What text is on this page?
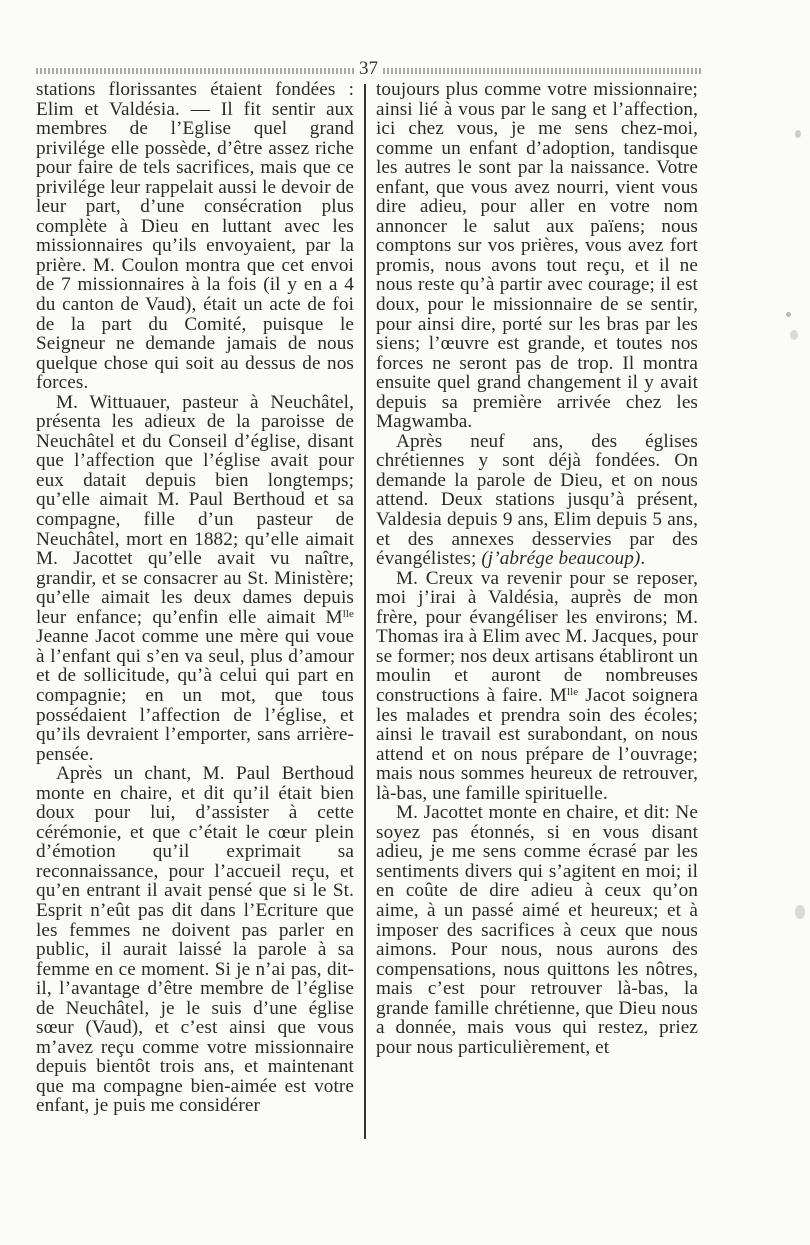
37

stations florissantes étaient fondées : Elim et Valdésia. — Il fit sentir aux membres de l’Eglise quel grand privilége elle possède, d’être assez riche pour faire de tels sacrifices, mais que ce privilége leur rappelait aussi le devoir de leur part, d’une consécration plus complète à Dieu en luttant avec les missionnaires qu’ils envoyaient, par la prière. M. Coulon montra que cet envoi de 7 missionnaires à la fois (il y en a 4 du canton de Vaud), était un acte de foi de la part du Comité, puisque le Seigneur ne demande jamais de nous quelque chose qui soit au dessus de nos forces.

M. Wittuauer, pasteur à Neuchâtel, présenta les adieux de la paroisse de Neuchâtel et du Conseil d’église, disant que l’affection que l’église avait pour eux datait depuis bien longtemps; qu’elle aimait M. Paul Berthoud et sa compagne, fille d’un pasteur de Neuchâtel, mort en 1882; qu’elle aimait M. Jacottet qu’elle avait vu naître, grandir, et se consacrer au St. Ministère; qu’elle aimait les deux dames depuis leur enfance; qu’enfin elle aimait $M^{lle}$ Jeanne Jacot comme une mère qui voue à l’enfant qui s’en va seul, plus d’amour et de sollicitude, qu’à celui qui part en compagnie; en un mot, que tous possédaient l’affection de l’église, et qu’ils devraient l’emporter, sans arrière-pensée.

Après un chant, M. Paul Berthoud monte en chaire, et dit qu’il était bien doux pour lui, d’assister à cette cérémonie, et que c’était le cœur plein d’émotion qu’il exprimait sa reconnaissance, pour l’accueil reçu, et qu’en entrant il avait pensé que si le St. Esprit n’eût pas dit dans l’Ecriture que les femmes ne doivent pas parler en public, il aurait laissé la parole à sa femme en ce moment. Si je n’ai pas, dit-il, l’avantage d’être membre de l’église de Neuchâtel, je le suis d’une église sœur (Vaud), et c’est ainsi que vous m’avez reçu comme votre missionnaire depuis bientôt trois ans, et maintenant que ma compagne bien-aimée est votre enfant, je puis me considérer

toujours plus comme votre missionnaire; ainsi lié à vous par le sang et l’affection, ici chez vous, je me sens chez-moi, comme un enfant d’adoption, tandisque les autres le sont par la naissance. Votre enfant, que vous avez nourri, vient vous dire adieu, pour aller en votre nom annoncer le salut aux païens; nous comptons sur vos prières, vous avez fort promis, nous avons tout reçu, et il ne nous reste qu’à partir avec courage; il est doux, pour le missionnaire de se sentir, pour ainsi dire, porté sur les bras par les siens; l’œuvre est grande, et toutes nos forces ne seront pas de trop. Il montra ensuite quel grand changement il y avait depuis sa première arrivée chez les Magwamba.

Après neuf ans, des églises chrétiennes y sont déjà fondées. On demande la parole de Dieu, et on nous attend. Deux stations jusqu’à présent, Valdesia depuis 9 ans, Elim depuis 5 ans, et des annexes desservies par des évangélistes; (j’abrége beaucoup).

M. Creux va revenir pour se reposer, moi j’irai à Valdésia, auprès de mon frère, pour évangéliser les environs; M. Thomas ira à Elim avec M. Jacques, pour se former; nos deux artisans établiront un moulin et auront de nombreuses constructions à faire. $M^{lle}$ Jacot soignera les malades et prendra soin des écoles; ainsi le travail est surabondant, on nous attend et on nous prépare de l’ouvrage; mais nous sommes heureux de retrouver, là-bas, une famille spirituelle.

M. Jacottet monte en chaire, et dit: Ne soyez pas étonnés, si en vous disant adieu, je me sens comme écrasé par les sentiments divers qui s’agitent en moi; il en coûte de dire adieu à ceux qu’on aime, à un passé aimé et heureux; et à imposer des sacrifices à ceux que nous aimons. Pour nous, nous aurons des compensations, nous quittons les nôtres, mais c’est pour retrouver là-bas, la grande famille chrétienne, que Dieu nous a donnée, mais vous qui restez, priez pour nous particulièrement, et
